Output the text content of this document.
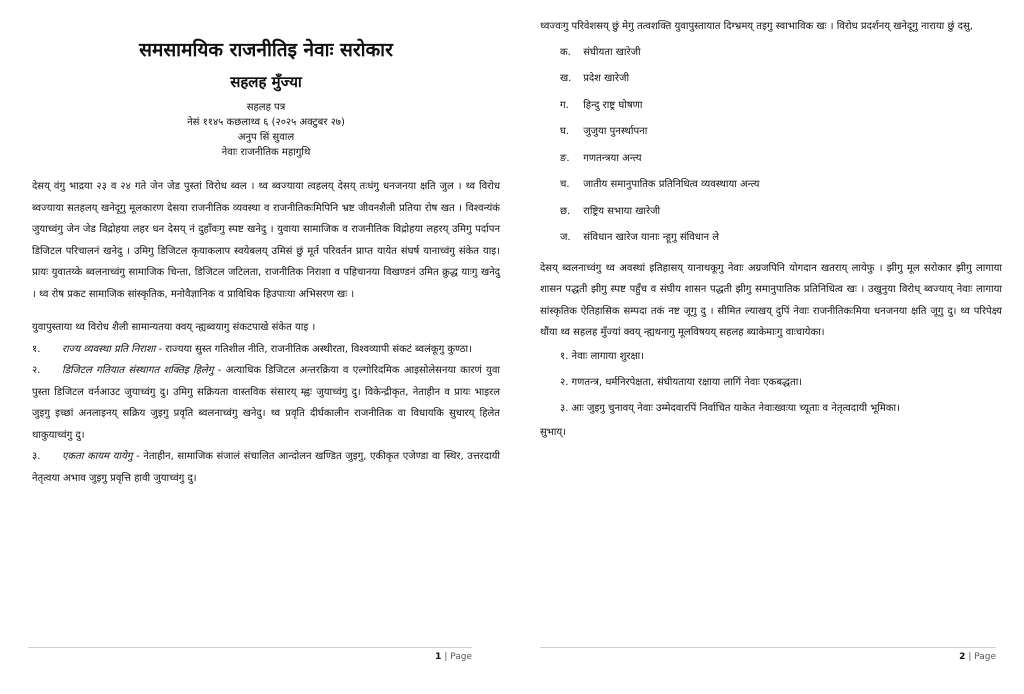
समसामयिक राजनीतिइ नेवाः सरोकार
सहलह मुँज्या
सहलह पत्र
नेसं ११४५ कछलाथ्व ६ (२०२५ अक्टुबर २७)
अनुप सिं सुवाल
नेवाः राजनीतिक महागुथि

देसय् वंगु भाद्रया २३ व २४ गते जेन जेड पुस्तां विरोध ब्वल । थ्व ब्वज्याया त्वहलय् देसय् तःधंगु धनजनया क्षति जुल । थ्व विरोध ब्वज्याया सतहलय् खनेदूगु मूलकारण देसया राजनीतिक व्यवस्था व राजनीतिकःमिपिनि भ्रष्ट जीवनशैली प्रतिया रोष खत । विश्वन्यंकं जुयाच्वंगु जेन जेड विद्रोहया लहर धन देसय् नं दुहाँवःगु स्पष्ट खनेदु । युवाया सामाजिक व राजनीतिक विद्रोहया लहरय् उमिगु पर्दापन डिजिटल परिचालनं खनेदु । उमिगु डिजिटल कृयाकलाप स्वयेबलय् उमिसं छुं मूर्त परिवर्तन प्राप्त यायेत संघर्ष यानाच्वंगु संकेत याइ। प्रायः युवातय्के ब्वलनाच्वंगु सामाजिक चिन्ता, डिजिटल जटिलता, राजनीतिक निराशा व पहिचानया विखण्डनं उमित क्रुद्ध याःगु खनेदु । थ्व रोष प्रकट सामाजिक सांस्कृतिक, मनोवैज्ञानिक व प्राविधिक हिउपाःया अभिसरण खः ।

युवापुस्ताया थ्व विरोध शैली सामान्यतया क्वय् न्ह्यब्वयागु संकटपाखे संकेत याइ ।

१. राज्य व्यवस्था प्रति निराशा - राज्यया सुस्त गतिशील नीति, राजनीतिक अस्थीरता, विश्वव्यापी संकटं ब्वलंकूगु कुण्ठा।
२. डिजिटल गतियात संस्थागत शक्तिइ हिलेगु - अत्याधिक डिजिटल अन्तरक्रिया व एल्गोरिदमिक आइसोलेसनया कारणं युवा पुस्ता डिजिटल वर्नआउट जुयाच्वंगु दु। उमिगु सक्रियता वास्तविक संसारय् म्ह्वः जुयाच्वंगु दु। विकेन्द्रीकृत, नेताहीन व प्रायः भाइरल जुइगु इच्छां अनलाइनय् सक्रिय जुइगु प्रवृति ब्वलनाच्वंगु खनेदु। थ्व प्रवृति दीर्घकालीन राजनीतिक वा विधायकि सुधारय् हिलेत थाकुयाच्वंगु दु।
३. एकता कायम यायेगु - नेताहीन, सामाजिक संजालं संचालित आन्दोलन खण्डित जुइगु, एकीकृत एजेण्डा वा स्थिर, उत्तरदायी नेतृत्वया अभाव जुइगु प्रवृत्ति हावी जुयाच्वंगु दु।
1 | Page

थ्वज्वःगु परिवेशसय् छुं मेगु तत्वशक्ति युवापुस्तायात दिग्भ्रमय् तइगु स्वाभाविक खः । विरोध प्रदर्शनय् खनेदूगु नाराया छुं दसु,

क. संघीयता खारेजी
ख. प्रदेश खारेजी
ग. हिन्दु राष्ट्र घोषणा
घ. जुजुया पुनर्स्थापना
ङ. गणतन्त्रया अन्त्य
च. जातीय समानुपातिक प्रतिनिधित्व व्यवस्थाया अन्त्य
छ. राष्ट्रिय सभाया खारेजी
ज. संविधान खारेज यानाः न्हूगु संविधान ले

देसय् ब्वलनाच्वंगु थ्व अवस्थां इतिहासय् यानाथकूगु नेवाः अग्रजपिनि योगदान खतराय् लायेफु । झीगु मूल सरोकार झीगु लागाया शासन पद्धती झीगु स्पष्ट पहुँच व संघीय शासन पद्धती झीगु समानुपातिक प्रतिनिधित्व खः । उखुनुया विरोध् ब्वज्याय् नेवाः लागाया सांस्कृतिक ऐतिहासिक सम्पदा तकं नष्ट जूगु दु । सीमित ल्याखय् दुपिं नेवाः राजनीतिकःमिया धनजनया क्षति जूगु दु। थ्व परिपेक्ष्य थौंया थ्व सहलह मुँज्यां क्वय् न्ह्यथनागु मूलविषयय् सहलह ब्याकेमाःगु वाःचायेका।

१. नेवाः लागाया शुरक्षा।
२. गणतन्त्र, धर्मनिरपेक्षता, संघीयताया रक्षाया लागिं नेवाः एकबद्धता।
३. आः जुइगु चुनावय् नेवाः उम्मेदवारपिं निर्वाचित याकेत नेवाःख्वःया च्यूताः व नेतृत्वदायी भूमिका।

सुभाय्।

2 | Page
